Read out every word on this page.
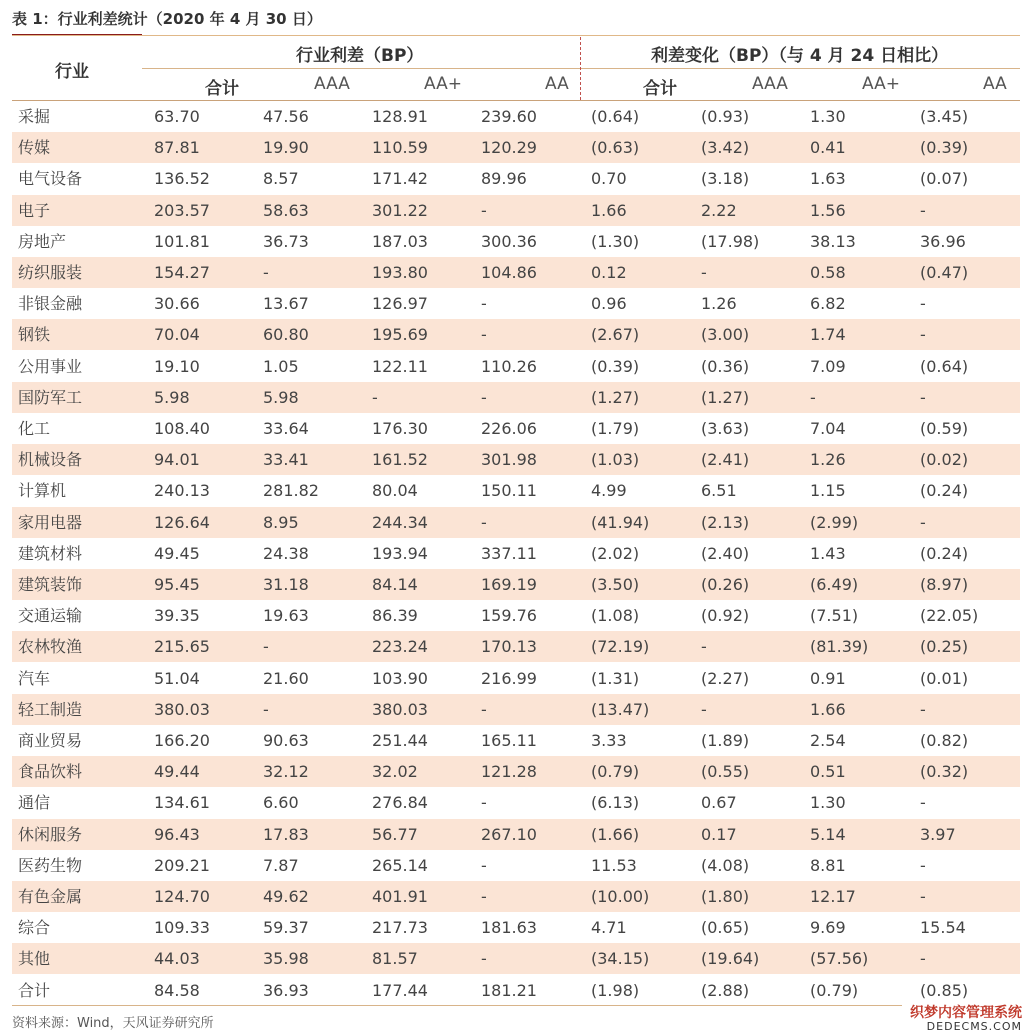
表 1：行业利差统计（2020 年 4 月 30 日）
行业
行业利差（BP）	利差变化（BP）（与 4 月 24 日相比）
合计	AAA	AA+	AA	合计	AAA	AA+	AA
采掘	63.70	47.56	128.91	239.60	(0.64)	(0.93)	1.30	(3.45)
传媒	87.81	19.90	110.59	120.29	(0.63)	(3.42)	0.41	(0.39)
电气设备	136.52	8.57	171.42	89.96	0.70	(3.18)	1.63	(0.07)
电子	203.57	58.63	301.22	-	1.66	2.22	1.56	-
房地产	101.81	36.73	187.03	300.36	(1.30)	(17.98)	38.13	36.96
纺织服装	154.27	-	193.80	104.86	0.12	-	0.58	(0.47)
非银金融	30.66	13.67	126.97	-	0.96	1.26	6.82	-
钢铁	70.04	60.80	195.69	-	(2.67)	(3.00)	1.74	-
公用事业	19.10	1.05	122.11	110.26	(0.39)	(0.36)	7.09	(0.64)
国防军工	5.98	5.98	-	-	(1.27)	(1.27)	-	-
化工	108.40	33.64	176.30	226.06	(1.79)	(3.63)	7.04	(0.59)
机械设备	94.01	33.41	161.52	301.98	(1.03)	(2.41)	1.26	(0.02)
计算机	240.13	281.82	80.04	150.11	4.99	6.51	1.15	(0.24)
家用电器	126.64	8.95	244.34	-	(41.94)	(2.13)	(2.99)	-
建筑材料	49.45	24.38	193.94	337.11	(2.02)	(2.40)	1.43	(0.24)
建筑装饰	95.45	31.18	84.14	169.19	(3.50)	(0.26)	(6.49)	(8.97)
交通运输	39.35	19.63	86.39	159.76	(1.08)	(0.92)	(7.51)	(22.05)
农林牧渔	215.65	-	223.24	170.13	(72.19)	-	(81.39)	(0.25)
汽车	51.04	21.60	103.90	216.99	(1.31)	(2.27)	0.91	(0.01)
轻工制造	380.03	-	380.03	-	(13.47)	-	1.66	-
商业贸易	166.20	90.63	251.44	165.11	3.33	(1.89)	2.54	(0.82)
食品饮料	49.44	32.12	32.02	121.28	(0.79)	(0.55)	0.51	(0.32)
通信	134.61	6.60	276.84	-	(6.13)	0.67	1.30	-
休闲服务	96.43	17.83	56.77	267.10	(1.66)	0.17	5.14	3.97
医药生物	209.21	7.87	265.14	-	11.53	(4.08)	8.81	-
有色金属	124.70	49.62	401.91	-	(10.00)	(1.80)	12.17	-
综合	109.33	59.37	217.73	181.63	4.71	(0.65)	9.69	15.54
其他	44.03	35.98	81.57	-	(34.15)	(19.64)	(57.56)	-
合计	84.58	36.93	177.44	181.21	(1.98)	(2.88)	(0.79)	(0.85)
资料来源：Wind，天风证券研究所
织梦内容管理系统
DEDECMS.COM
